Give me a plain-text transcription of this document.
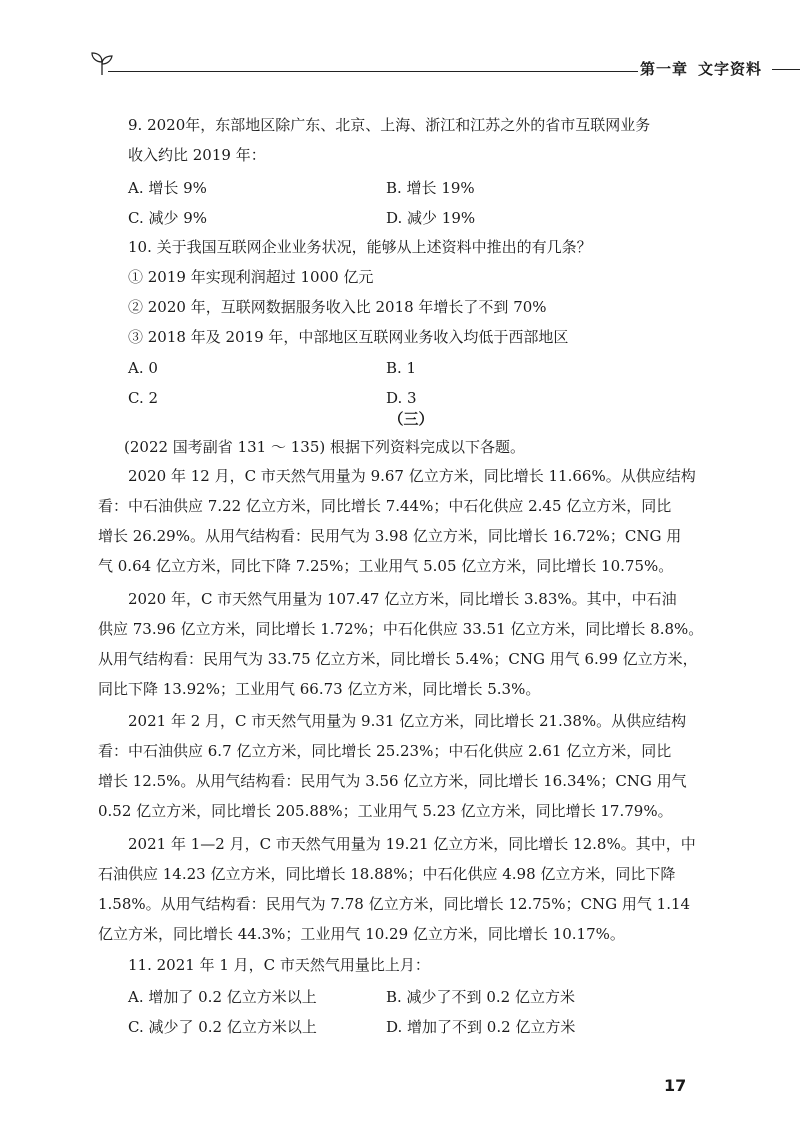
第一章 文字资料
9. 2020年，东部地区除广东、北京、上海、浙江和江苏之外的省市互联网业务
收入约比 2019 年：
A. 增长 9%	B. 增长 19%
C. 减少 9%	D. 减少 19%
10. 关于我国互联网企业业务状况，能够从上述资料中推出的有几条？
① 2019 年实现利润超过 1000 亿元
② 2020 年，互联网数据服务收入比 2018 年增长了不到 70%
③ 2018 年及 2019 年，中部地区互联网业务收入均低于西部地区
A. 0	B. 1
C. 2	D. 3
（三）
(2022 国考副省 131 ～ 135) 根据下列资料完成以下各题。
2020 年 12 月，C 市天然气用量为 9.67 亿立方米，同比增长 11.66%。从供应结构
看：中石油供应 7.22 亿立方米，同比增长 7.44%；中石化供应 2.45 亿立方米，同比
增长 26.29%。从用气结构看：民用气为 3.98 亿立方米，同比增长 16.72%；CNG 用
气 0.64 亿立方米，同比下降 7.25%；工业用气 5.05 亿立方米，同比增长 10.75%。
2020 年，C 市天然气用量为 107.47 亿立方米，同比增长 3.83%。其中，中石油
供应 73.96 亿立方米，同比增长 1.72%；中石化供应 33.51 亿立方米，同比增长 8.8%。
从用气结构看：民用气为 33.75 亿立方米，同比增长 5.4%；CNG 用气 6.99 亿立方米，
同比下降 13.92%；工业用气 66.73 亿立方米，同比增长 5.3%。
2021 年 2 月，C 市天然气用量为 9.31 亿立方米，同比增长 21.38%。从供应结构
看：中石油供应 6.7 亿立方米，同比增长 25.23%；中石化供应 2.61 亿立方米，同比
增长 12.5%。从用气结构看：民用气为 3.56 亿立方米，同比增长 16.34%；CNG 用气
0.52 亿立方米，同比增长 205.88%；工业用气 5.23 亿立方米，同比增长 17.79%。
2021 年 1—2 月，C 市天然气用量为 19.21 亿立方米，同比增长 12.8%。其中，中
石油供应 14.23 亿立方米，同比增长 18.88%；中石化供应 4.98 亿立方米，同比下降
1.58%。从用气结构看：民用气为 7.78 亿立方米，同比增长 12.75%；CNG 用气 1.14
亿立方米，同比增长 44.3%；工业用气 10.29 亿立方米，同比增长 10.17%。
11. 2021 年 1 月，C 市天然气用量比上月：
A. 增加了 0.2 亿立方米以上	B. 减少了不到 0.2 亿立方米
C. 减少了 0.2 亿立方米以上	D. 增加了不到 0.2 亿立方米
17
